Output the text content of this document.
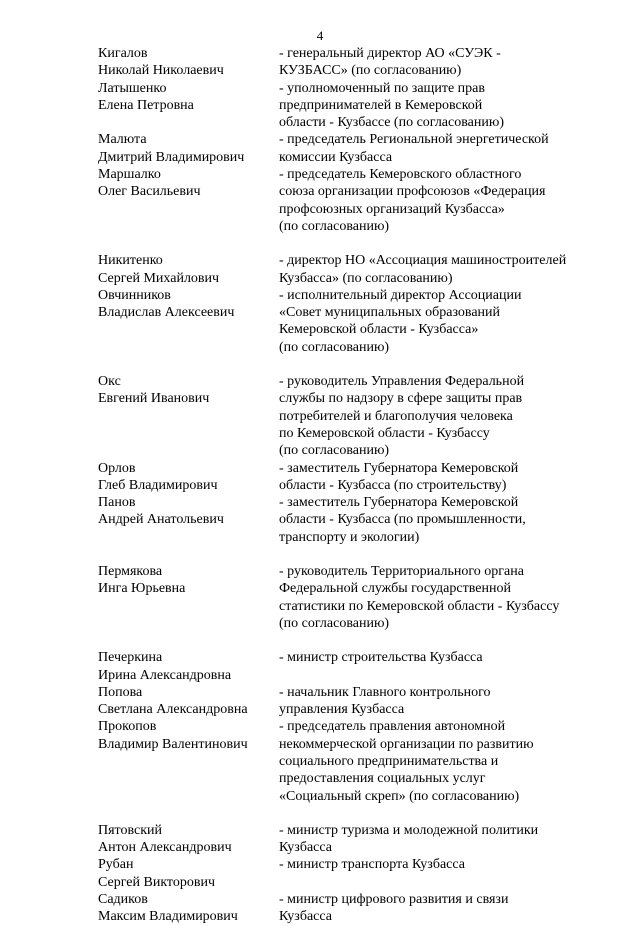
4
Кигалов
Николай Николаевич
- генеральный директор АО «СУЭК -
КУЗБАСС» (по согласованию)
Латышенко
Елена Петровна
- уполномоченный по защите прав
предпринимателей в Кемеровской
области - Кузбассе (по согласованию)
Малюта
Дмитрий Владимирович
- председатель Региональной энергетической
комиссии Кузбасса
Маршалко
Олег Васильевич
- председатель Кемеровского областного
союза организации профсоюзов «Федерация
профсоюзных организаций Кузбасса»
(по согласованию)
Никитенко
Сергей Михайлович
- директор НО «Ассоциация машиностроителей
Кузбасса» (по согласованию)
Овчинников
Владислав Алексеевич
- исполнительный директор Ассоциации
«Совет муниципальных образований
Кемеровской области - Кузбасса»
(по согласованию)
Окс
Евгений Иванович
- руководитель Управления Федеральной
службы по надзору в сфере защиты прав
потребителей и благополучия человека
по Кемеровской области - Кузбассу
(по согласованию)
Орлов
Глеб Владимирович
- заместитель Губернатора Кемеровской
области - Кузбасса (по строительству)
Панов
Андрей Анатольевич
- заместитель Губернатора Кемеровской
области - Кузбасса (по промышленности,
транспорту и экологии)
Пермякова
Инга Юрьевна
- руководитель Территориального органа
Федеральной службы государственной
статистики по Кемеровской области - Кузбассу
(по согласованию)
Печеркина
Ирина Александровна
- министр строительства Кузбасса
Попова
Светлана Александровна
- начальник Главного контрольного
управления Кузбасса
Прокопов
Владимир Валентинович
- председатель правления автономной
некоммерческой организации по развитию
социального предпринимательства и
предоставления социальных услуг
«Социальный скреп» (по согласованию)
Пятовский
Антон Александрович
- министр туризма и молодежной политики
Кузбасса
Рубан
Сергей Викторович
- министр транспорта Кузбасса
Садиков
Максим Владимирович
- министр цифрового развития и связи
Кузбасса
